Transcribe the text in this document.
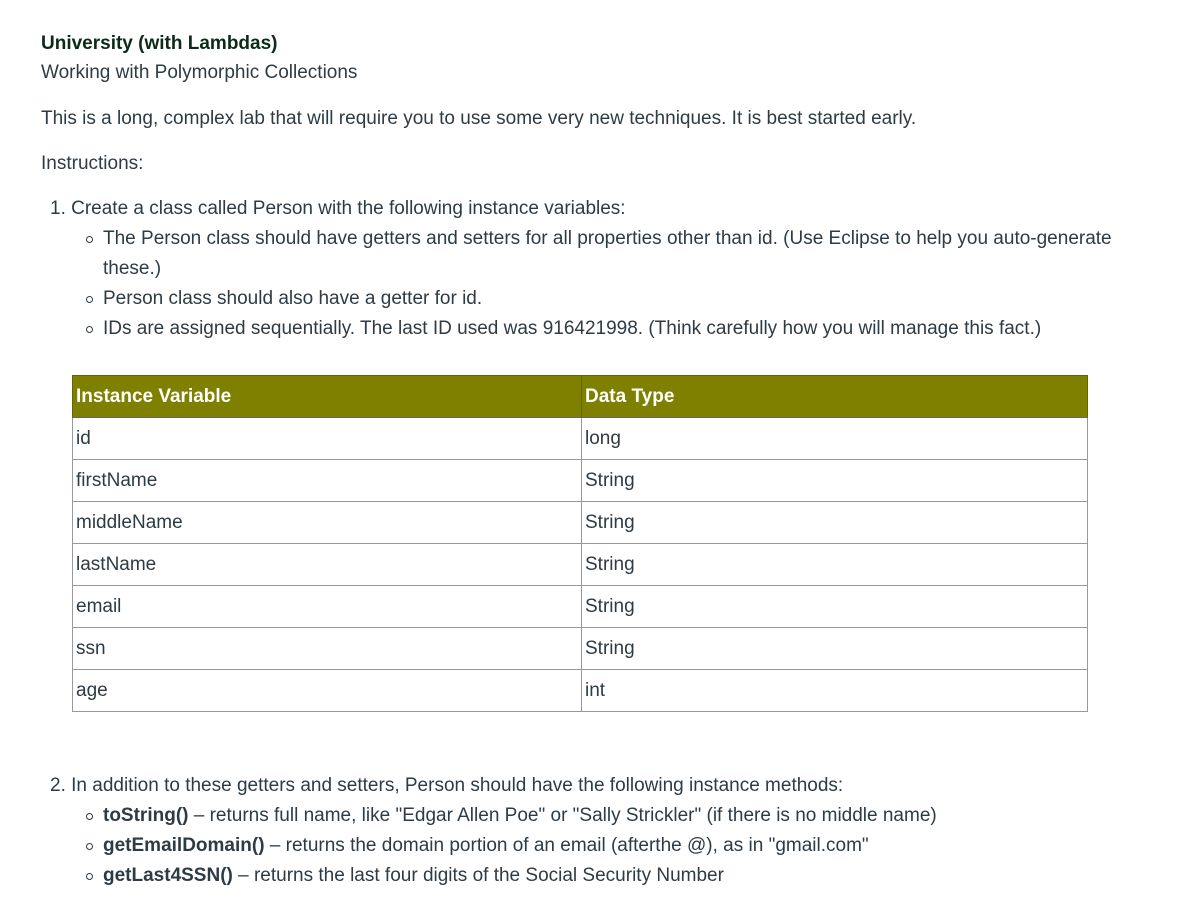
University (with Lambdas)

Working with Polymorphic Collections

This is a long, complex lab that will require you to use some very new techniques. It is best started early.

Instructions:

1. Create a class called Person with the following instance variables:
The Person class should have getters and setters for all properties other than id. (Use Eclipse to help you auto-generate these.)
Person class should also have a getter for id.
IDs are assigned sequentially. The last ID used was 916421998. (Think carefully how you will manage this fact.)
Instance Variable	Data Type
id	long
firstName	String
middleName	String
lastName	String
email	String
ssn	String
age	int
2. In addition to these getters and setters, Person should have the following instance methods:
toString() – returns full name, like "Edgar Allen Poe" or "Sally Strickler" (if there is no middle name)
getEmailDomain() – returns the domain portion of an email (afterthe @), as in "gmail.com"
getLast4SSN() – returns the last four digits of the Social Security Number
